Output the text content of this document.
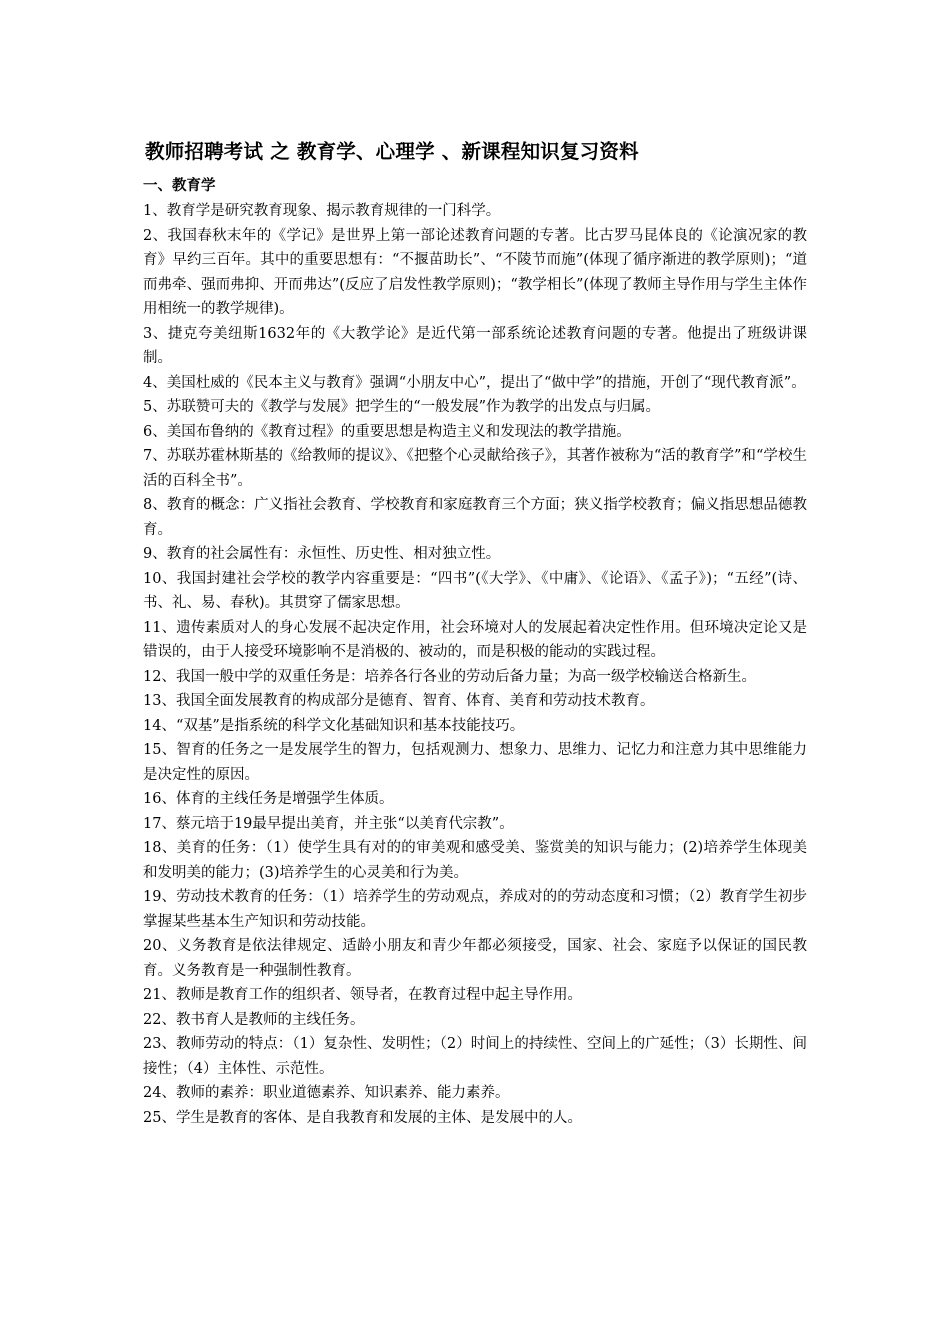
教师招聘考试 之 教育学、心理学 、新课程知识复习资料
一、教育学

1、教育学是研究教育现象、揭示教育规律的一门科学。

2、我国春秋末年的《学记》是世界上第一部论述教育问题的专著。比古罗马昆体良的《论演况家的教育》早约三百年。其中的重要思想有：“不揠苗助长”、“不陵节而施”(体现了循序渐进的教学原则)；“道而弗牵、强而弗抑、开而弗达”(反应了启发性教学原则)；“教学相长”(体现了教师主导作用与学生主体作用相统一的教学规律)。

3、捷克夸美纽斯1632年的《大教学论》是近代第一部系统论述教育问题的专著。他提出了班级讲课制。

4、美国杜威的《民本主义与教育》强调“小朋友中心”，提出了“做中学”的措施，开创了“现代教育派”。

5、苏联赞可夫的《教学与发展》把学生的“一般发展”作为教学的出发点与归属。

6、美国布鲁纳的《教育过程》的重要思想是构造主义和发现法的教学措施。

7、苏联苏霍林斯基的《给教师的提议》、《把整个心灵献给孩子》，其著作被称为“活的教育学”和“学校生活的百科全书”。

8、教育的概念：广义指社会教育、学校教育和家庭教育三个方面；狭义指学校教育；偏义指思想品德教育。

9、教育的社会属性有：永恒性、历史性、相对独立性。

10、我国封建社会学校的教学内容重要是：“四书”(《大学》、《中庸》、《论语》、《孟子》)；“五经”(诗、书、礼、易、春秋)。其贯穿了儒家思想。

11、遗传素质对人的身心发展不起决定作用，社会环境对人的发展起着决定性作用。但环境决定论又是错误的，由于人接受环境影响不是消极的、被动的，而是积极的能动的实践过程。

12、我国一般中学的双重任务是：培养各行各业的劳动后备力量；为高一级学校输送合格新生。

13、我国全面发展教育的构成部分是德育、智育、体育、美育和劳动技术教育。

14、“双基”是指系统的科学文化基础知识和基本技能技巧。

15、智育的任务之一是发展学生的智力，包括观测力、想象力、思维力、记忆力和注意力其中思维能力是决定性的原因。

16、体育的主线任务是增强学生体质。

17、蔡元培于19最早提出美育，并主张“以美育代宗教”。

18、美育的任务：（1）使学生具有对的的审美观和感受美、鉴赏美的知识与能力；(2)培养学生体现美和发明美的能力；(3)培养学生的心灵美和行为美。

19、劳动技术教育的任务：（1）培养学生的劳动观点，养成对的的劳动态度和习惯；（2）教育学生初步掌握某些基本生产知识和劳动技能。

20、义务教育是依法律规定、适龄小朋友和青少年都必须接受，国家、社会、家庭予以保证的国民教育。义务教育是一种强制性教育。

21、教师是教育工作的组织者、领导者，在教育过程中起主导作用。

22、教书育人是教师的主线任务。

23、教师劳动的特点：（1）复杂性、发明性；（2）时间上的持续性、空间上的广延性；（3）长期性、间接性；（4）主体性、示范性。

24、教师的素养：职业道德素养、知识素养、能力素养。

25、学生是教育的客体、是自我教育和发展的主体、是发展中的人。
